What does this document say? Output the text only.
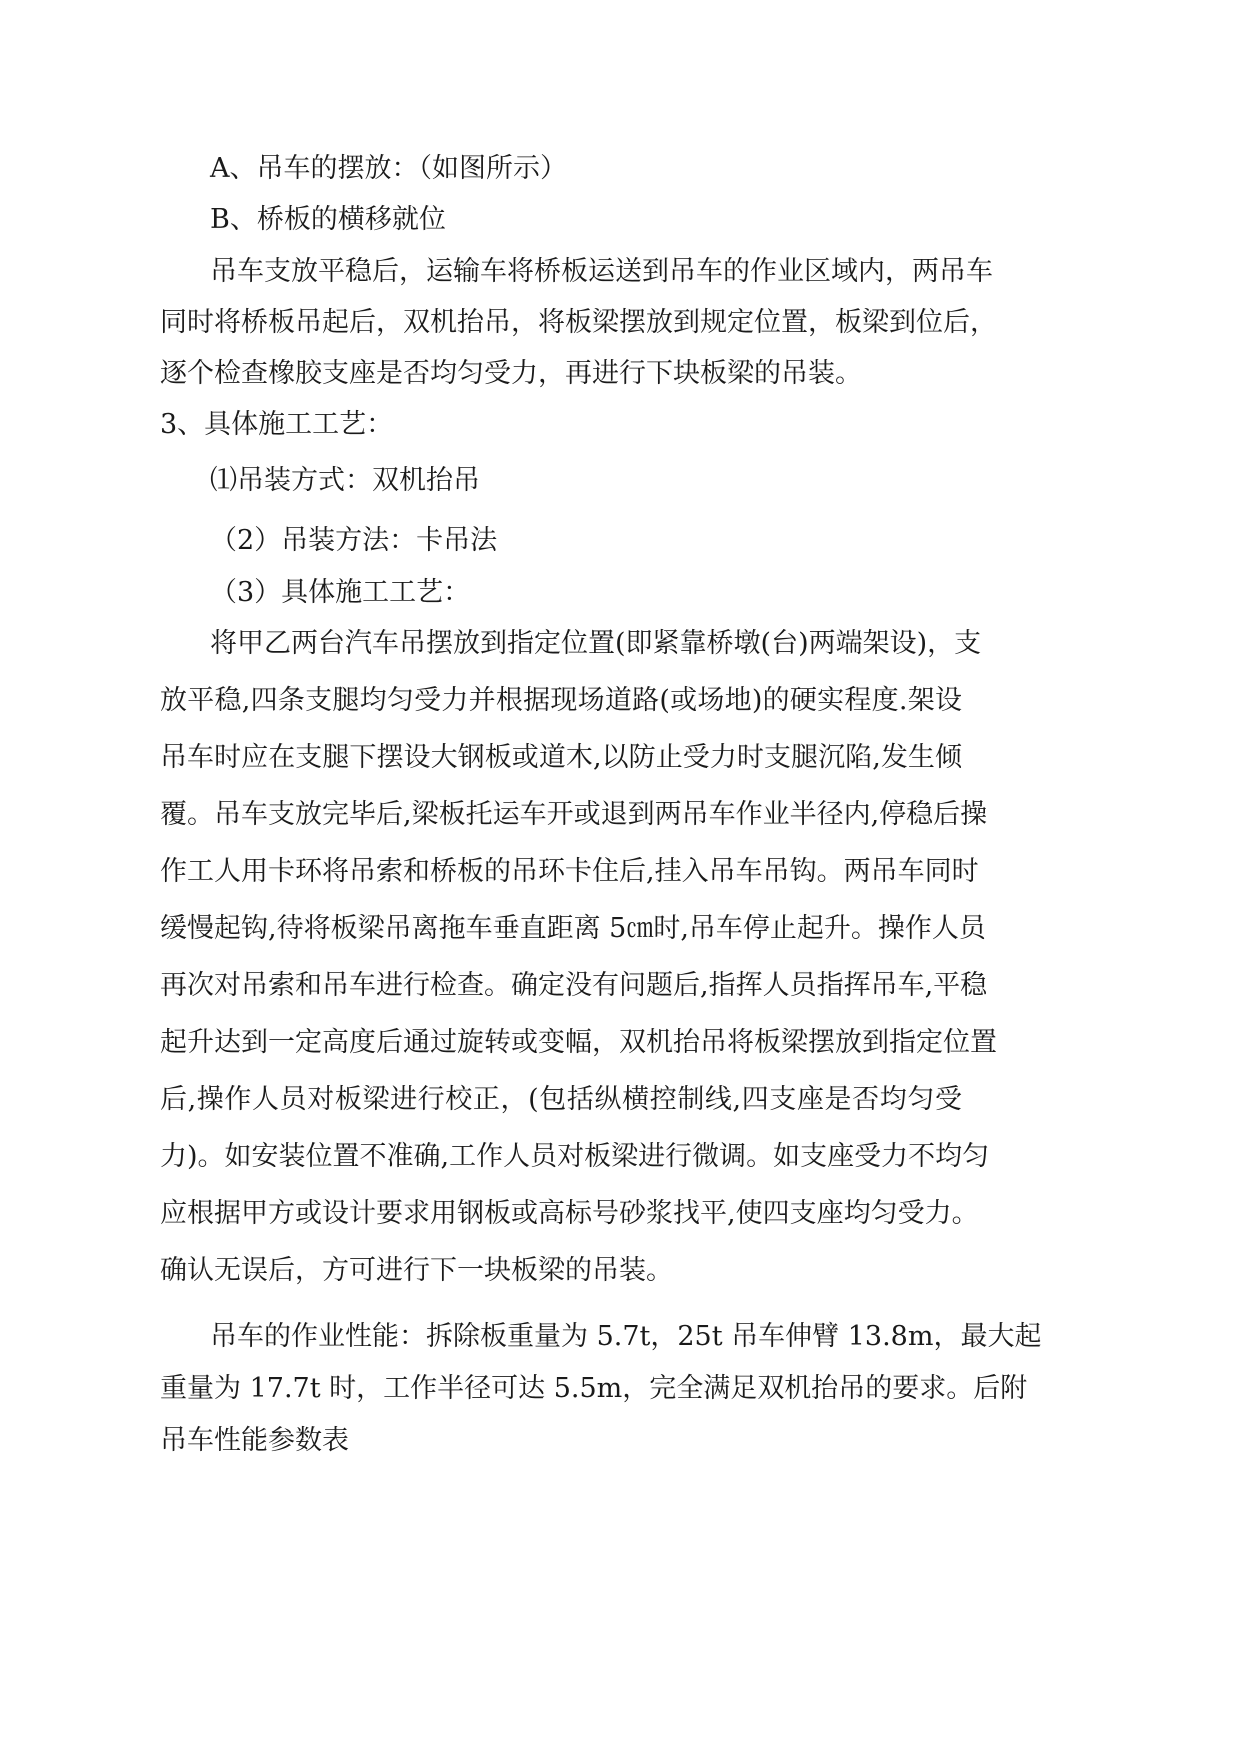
A、吊车的摆放：（如图所示）
B、桥板的横移就位
吊车支放平稳后，运输车将桥板运送到吊车的作业区域内，两吊车
同时将桥板吊起后，双机抬吊，将板梁摆放到规定位置，板梁到位后，
逐个检查橡胶支座是否均匀受力，再进行下块板梁的吊装。
3、具体施工工艺：
⑴吊装方式：双机抬吊
（2）吊装方法：卡吊法
（3）具体施工工艺：
将甲乙两台汽车吊摆放到指定位置(即紧靠桥墩(台)两端架设)，支
放平稳,四条支腿均匀受力并根据现场道路(或场地)的硬实程度.架设
吊车时应在支腿下摆设大钢板或道木,以防止受力时支腿沉陷,发生倾
覆。吊车支放完毕后,梁板托运车开或退到两吊车作业半径内,停稳后操
作工人用卡环将吊索和桥板的吊环卡住后,挂入吊车吊钩。两吊车同时
缓慢起钩,待将板梁吊离拖车垂直距离 5㎝时,吊车停止起升。操作人员
再次对吊索和吊车进行检查。确定没有问题后,指挥人员指挥吊车,平稳
起升达到一定高度后通过旋转或变幅，双机抬吊将板梁摆放到指定位置
后,操作人员对板梁进行校正，(包括纵横控制线,四支座是否均匀受
力)。如安装位置不准确,工作人员对板梁进行微调。如支座受力不均匀
应根据甲方或设计要求用钢板或高标号砂浆找平,使四支座均匀受力。
确认无误后，方可进行下一块板梁的吊装。
吊车的作业性能：拆除板重量为 5.7t，25t 吊车伸臂 13.8m，最大起
重量为 17.7t 时，工作半径可达 5.5m，完全满足双机抬吊的要求。后附
吊车性能参数表
